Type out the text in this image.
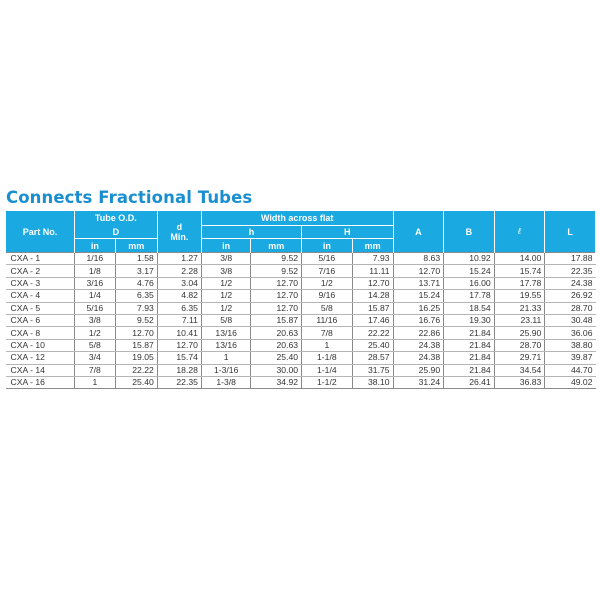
Connects Fractional Tubes
Part No.	Tube O.D.		d
Min.	Width across flat				A	B	ℓ	L
	D			h		H					
	in	mm		in	mm	in	mm				
CXA - 1	1/16	1.58	1.27	3/8	9.52	5/16	7.93	8.63	10.92	14.00	17.88
CXA - 2	1/8	3.17	2.28	3/8	9.52	7/16	11.11	12.70	15.24	15.74	22.35
CXA - 3	3/16	4.76	3.04	1/2	12.70	1/2	12.70	13.71	16.00	17.78	24.38
CXA - 4	1/4	6.35	4.82	1/2	12.70	9/16	14.28	15.24	17.78	19.55	26.92
CXA - 5	5/16	7.93	6.35	1/2	12.70	5/8	15.87	16.25	18.54	21.33	28.70
CXA - 6	3/8	9.52	7.11	5/8	15.87	11/16	17.46	16.76	19.30	23.11	30.48
CXA - 8	1/2	12.70	10.41	13/16	20.63	7/8	22.22	22.86	21.84	25.90	36.06
CXA - 10	5/8	15.87	12.70	13/16	20.63	1	25.40	24.38	21.84	28.70	38.80
CXA - 12	3/4	19.05	15.74	1	25.40	1-1/8	28.57	24.38	21.84	29.71	39.87
CXA - 14	7/8	22.22	18.28	1-3/16	30.00	1-1/4	31.75	25.90	21.84	34.54	44.70
CXA - 16	1	25.40	22.35	1-3/8	34.92	1-1/2	38.10	31.24	26.41	36.83	49.02
